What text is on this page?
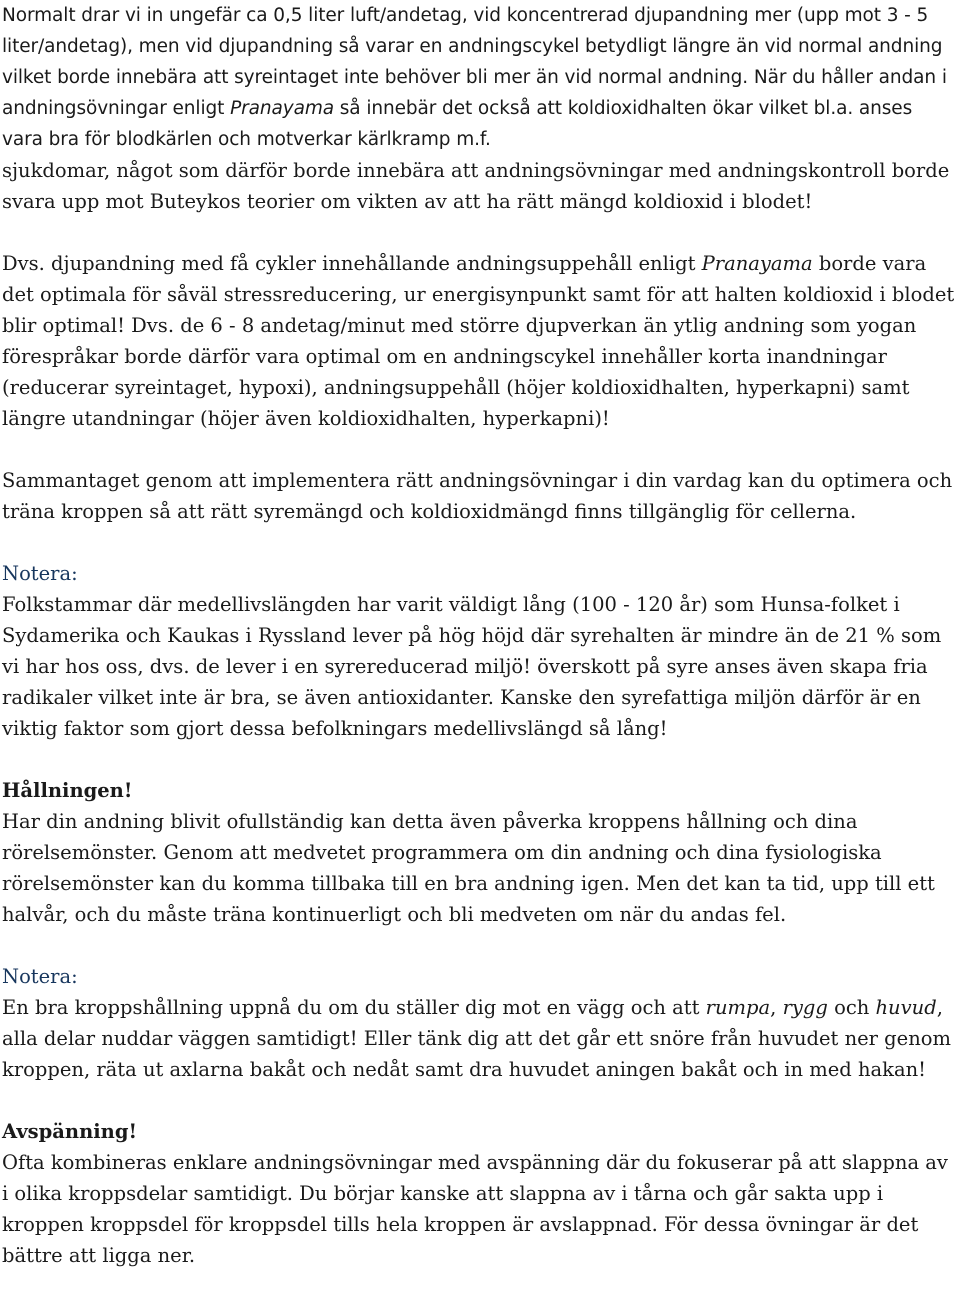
Normalt drar vi in ungefär ca 0,5 liter luft/andetag, vid koncentrerad djupandning mer (upp mot 3 - 5 liter/andetag), men vid djupandning så varar en andningscykel betydligt längre än vid normal andning vilket borde innebära att syreintaget inte behöver bli mer än vid normal andning. När du håller andan i andningsövningar enligt Pranayama så innebär det också att koldioxidhalten ökar vilket bl.a. anses vara bra för blodkärlen och motverkar kärlkramp m.f.

sjukdomar, något som därför borde innebära att andningsövningar med andningskontroll borde svara upp mot Buteykos teorier om vikten av att ha rätt mängd koldioxid i blodet!

Dvs. djupandning med få cykler innehållande andningsuppehåll enligt Pranayama borde vara det optimala för såväl stressreducering, ur energisynpunkt samt för att halten koldioxid i blodet blir optimal! Dvs. de 6 - 8 andetag/minut med större djupverkan än ytlig andning som yogan förespråkar borde därför vara optimal om en andningscykel innehåller korta inandningar (reducerar syreintaget, hypoxi), andningsuppehåll (höjer koldioxidhalten, hyperkapni) samt längre utandningar (höjer även koldioxidhalten, hyperkapni)!

Sammantaget genom att implementera rätt andningsövningar i din vardag kan du optimera och träna kroppen så att rätt syremängd och koldioxidmängd finns tillgänglig för cellerna.

Notera:

Folkstammar där medellivslängden har varit väldigt lång (100 - 120 år) som Hunsa-folket i Sydamerika och Kaukas i Ryssland lever på hög höjd där syrehalten är mindre än de 21 % som vi har hos oss, dvs. de lever i en syrereducerad miljö! överskott på syre anses även skapa fria radikaler vilket inte är bra, se även antioxidanter. Kanske den syrefattiga miljön därför är en viktig faktor som gjort dessa befolkningars medellivslängd så lång!

Hållningen!

Har din andning blivit ofullständig kan detta även påverka kroppens hållning och dina rörelsemönster. Genom att medvetet programmera om din andning och dina fysiologiska rörelsemönster kan du komma tillbaka till en bra andning igen. Men det kan ta tid, upp till ett halvår, och du måste träna kontinuerligt och bli medveten om när du andas fel.

Notera:

En bra kroppshållning uppnå du om du ställer dig mot en vägg och att rumpa, rygg och huvud, alla delar nuddar väggen samtidigt! Eller tänk dig att det går ett snöre från huvudet ner genom kroppen, räta ut axlarna bakåt och nedåt samt dra huvudet aningen bakåt och in med hakan!

Avspänning!

Ofta kombineras enklare andningsövningar med avspänning där du fokuserar på att slappna av i olika kroppsdelar samtidigt. Du börjar kanske att slappna av i tårna och går sakta upp i kroppen kroppsdel för kroppsdel tills hela kroppen är avslappnad. För dessa övningar är det bättre att ligga ner.
